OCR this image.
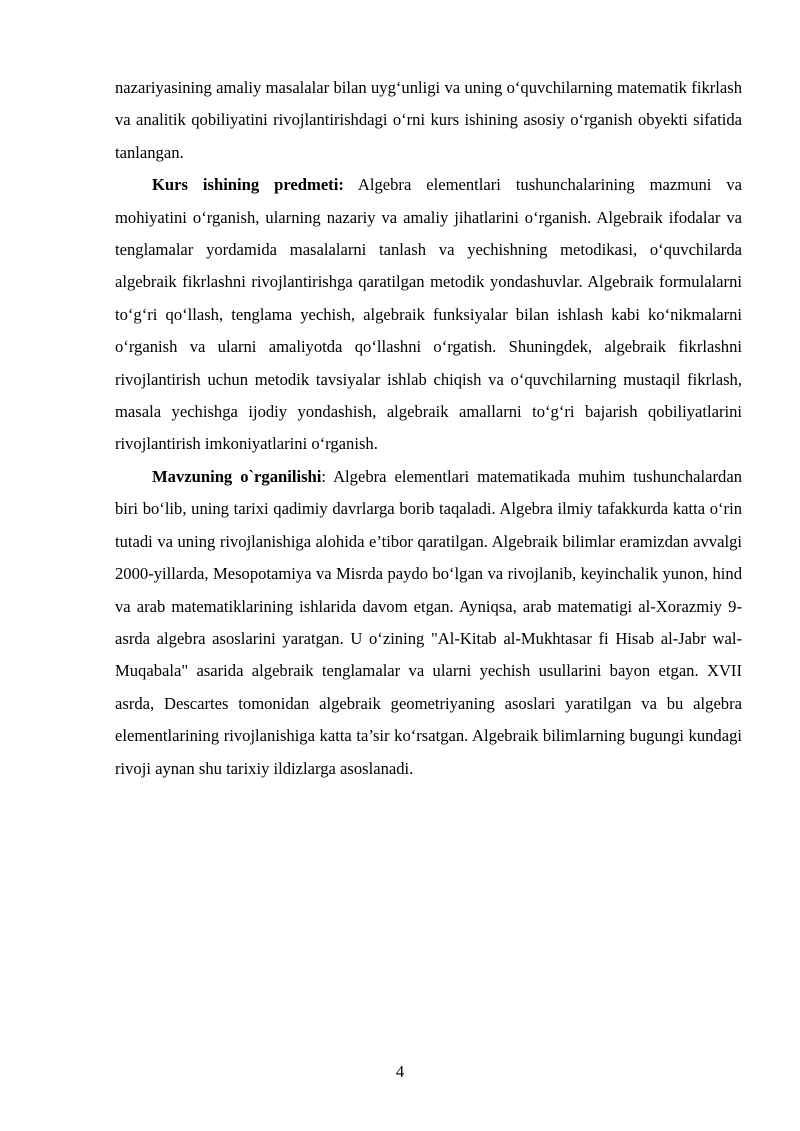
nazariyasining amaliy masalalar bilan uyg‘unligi va uning o‘quvchilarning matematik fikrlash va analitik qobiliyatini rivojlantirishdagi o‘rni kurs ishining asosiy o‘rganish obyekti sifatida tanlangan.

Kurs ishining predmeti: Algebra elementlari tushunchalarining mazmuni va mohiyatini o‘rganish, ularning nazariy va amaliy jihatlarini o‘rganish. Algebraik ifodalar va tenglamalar yordamida masalalarni tanlash va yechishning metodikasi, o‘quvchilarda algebraik fikrlashni rivojlantirishga qaratilgan metodik yondashuvlar. Algebraik formulalarni to‘g‘ri qo‘llash, tenglama yechish, algebraik funksiyalar bilan ishlash kabi ko‘nikmalarni o‘rganish va ularni amaliyotda qo‘llashni o‘rgatish. Shuningdek, algebraik fikrlashni rivojlantirish uchun metodik tavsiyalar ishlab chiqish va o‘quvchilarning mustaqil fikrlash, masala yechishga ijodiy yondashish, algebraik amallarni to‘g‘ri bajarish qobiliyatlarini rivojlantirish imkoniyatlarini o‘rganish.

Mavzuning o`rganilishi: Algebra elementlari matematikada muhim tushunchalardan biri bo‘lib, uning tarixi qadimiy davrlarga borib taqaladi. Algebra ilmiy tafakkurda katta o‘rin tutadi va uning rivojlanishiga alohida e’tibor qaratilgan. Algebraik bilimlar eramizdan avvalgi 2000-yillarda, Mesopotamiya va Misrda paydo bo‘lgan va rivojlanib, keyinchalik yunon, hind va arab matematiklarining ishlarida davom etgan. Ayniqsa, arab matematigi al-Xorazmiy 9-asrda algebra asoslarini yaratgan. U o‘zining "Al-Kitab al-Mukhtasar fi Hisab al-Jabr wal-Muqabala" asarida algebraik tenglamalar va ularni yechish usullarini bayon etgan. XVII asrda, Descartes tomonidan algebraik geometriyaning asoslari yaratilgan va bu algebra elementlarining rivojlanishiga katta ta’sir ko‘rsatgan. Algebraik bilimlarning bugungi kundagi rivoji aynan shu tarixiy ildizlarga asoslanadi.

4
